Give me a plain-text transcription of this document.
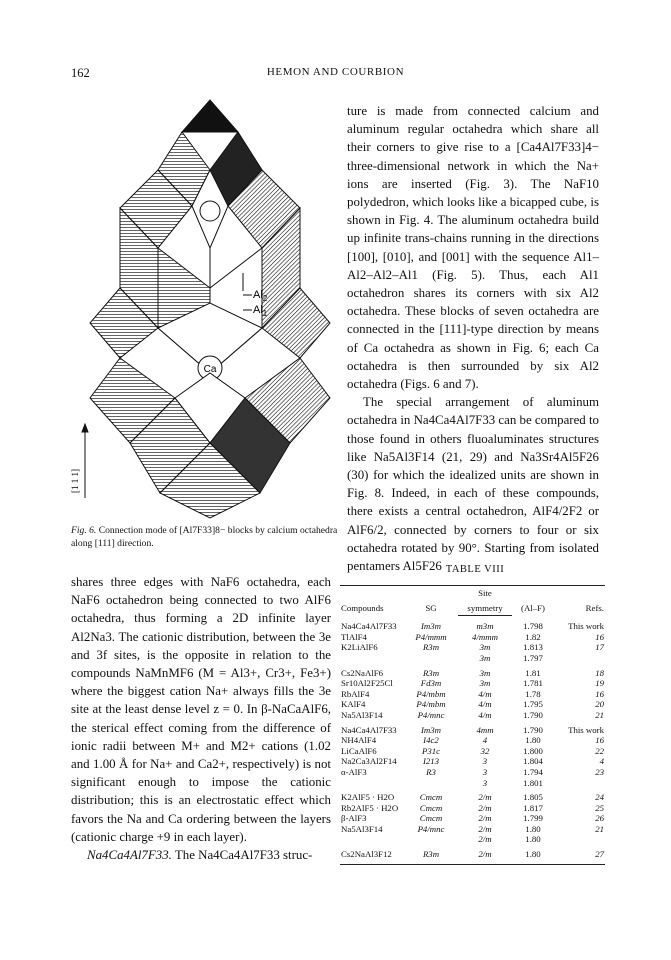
162	HEMON AND COURBION
$Al_2$
$Al_1$
Ca
[1 1 1]
Fig. 6. Connection mode of [Al7F33]8− blocks by calcium octahedra along [111] direction.

shares three edges with NaF6 octahedra, each NaF6 octahedron being connected to two AlF6 octahedra, thus forming a 2D infinite layer Al2Na3. The cationic distribution, between the 3e and 3f sites, is the opposite in relation to the compounds NaMnMF6 (M = Al3+, Cr3+, Fe3+) where the biggest cation Na+ always fills the 3e site at the least dense level z = 0. In β-NaCaAlF6, the sterical effect coming from the difference of ionic radii between M+ and M2+ cations (1.02 and 1.00 Å for Na+ and Ca2+, respectively) is not significant enough to impose the cationic distribution; this is an electrostatic effect which favors the Na and Ca ordering between the layers (cationic charge +9 in each layer).

Na4Ca4Al7F33. The Na4Ca4Al7F33 struc-

ture is made from connected calcium and aluminum regular octahedra which share all their corners to give rise to a [Ca4Al7F33]4− three-dimensional network in which the Na+ ions are inserted (Fig. 3). The NaF10 polydedron, which looks like a bicapped cube, is shown in Fig. 4. The aluminum octahedra build up infinite trans-chains running in the directions [100], [010], and [001] with the sequence Al1–Al2–Al2–Al1 (Fig. 5). Thus, each Al1 octahedron shares its corners with six Al2 octahedra. These blocks of seven octahedra are connected in the [111]-type direction by means of Ca octahedra as shown in Fig. 6; each Ca octahedra is then surrounded by six Al2 octahedra (Figs. 6 and 7).

The special arrangement of aluminum octahedra in Na4Ca4Al7F33 can be compared to those found in others fluoaluminates structures like Na5Al3F14 (21, 29) and Na3Sr4Al5F26 (30) for which the idealized units are shown in Fig. 8. Indeed, in each of these compounds, there exists a central octahedron, AlF4/2F2 or AlF6/2, connected by corners to four or six octahedra rotated by 90°. Starting from isolated pentamers Al5F26 TABLE VIII
Compounds	SG	Site	(Al–F)	Refs.
		symmetry		
Na4Ca4Al7F33	Im3m	m3m	1.798	This work
TlAlF4	P4/mmm	4/mmm	1.82	16
K2LiAlF6	R3m	3m	1.813	17
		3m	1.797	
Cs2NaAlF6	R3m	3m	1.81	18
Sr10Al2F25Cl	Fd3m	3m	1.781	19
RbAlF4	P4/mbm	4/m	1.78	16
KAlF4	P4/mbm	4/m	1.795	20
Na5Al3F14	P4/mnc	4/m	1.790	21
Na4Ca4Al7F33	Im3m	4mm	1.790	This work
NH4AlF4	I4c2	4	1.80	16
LiCaAlF6	P31c	32	1.800	22
Na2Ca3Al2F14	I213	3	1.804	4
α-AlF3	R3	3	1.794	23
		3	1.801	
K2AlF5 · H2O	Cmcm	2/m	1.805	24
Rb2AlF5 · H2O	Cmcm	2/m	1.817	25
β-AlF3	Cmcm	2/m	1.799	26
Na5Al3F14	P4/mnc	2/m	1.80	21
		2/m	1.80	
Cs2NaAl3F12	R3m	2/m	1.80	27
